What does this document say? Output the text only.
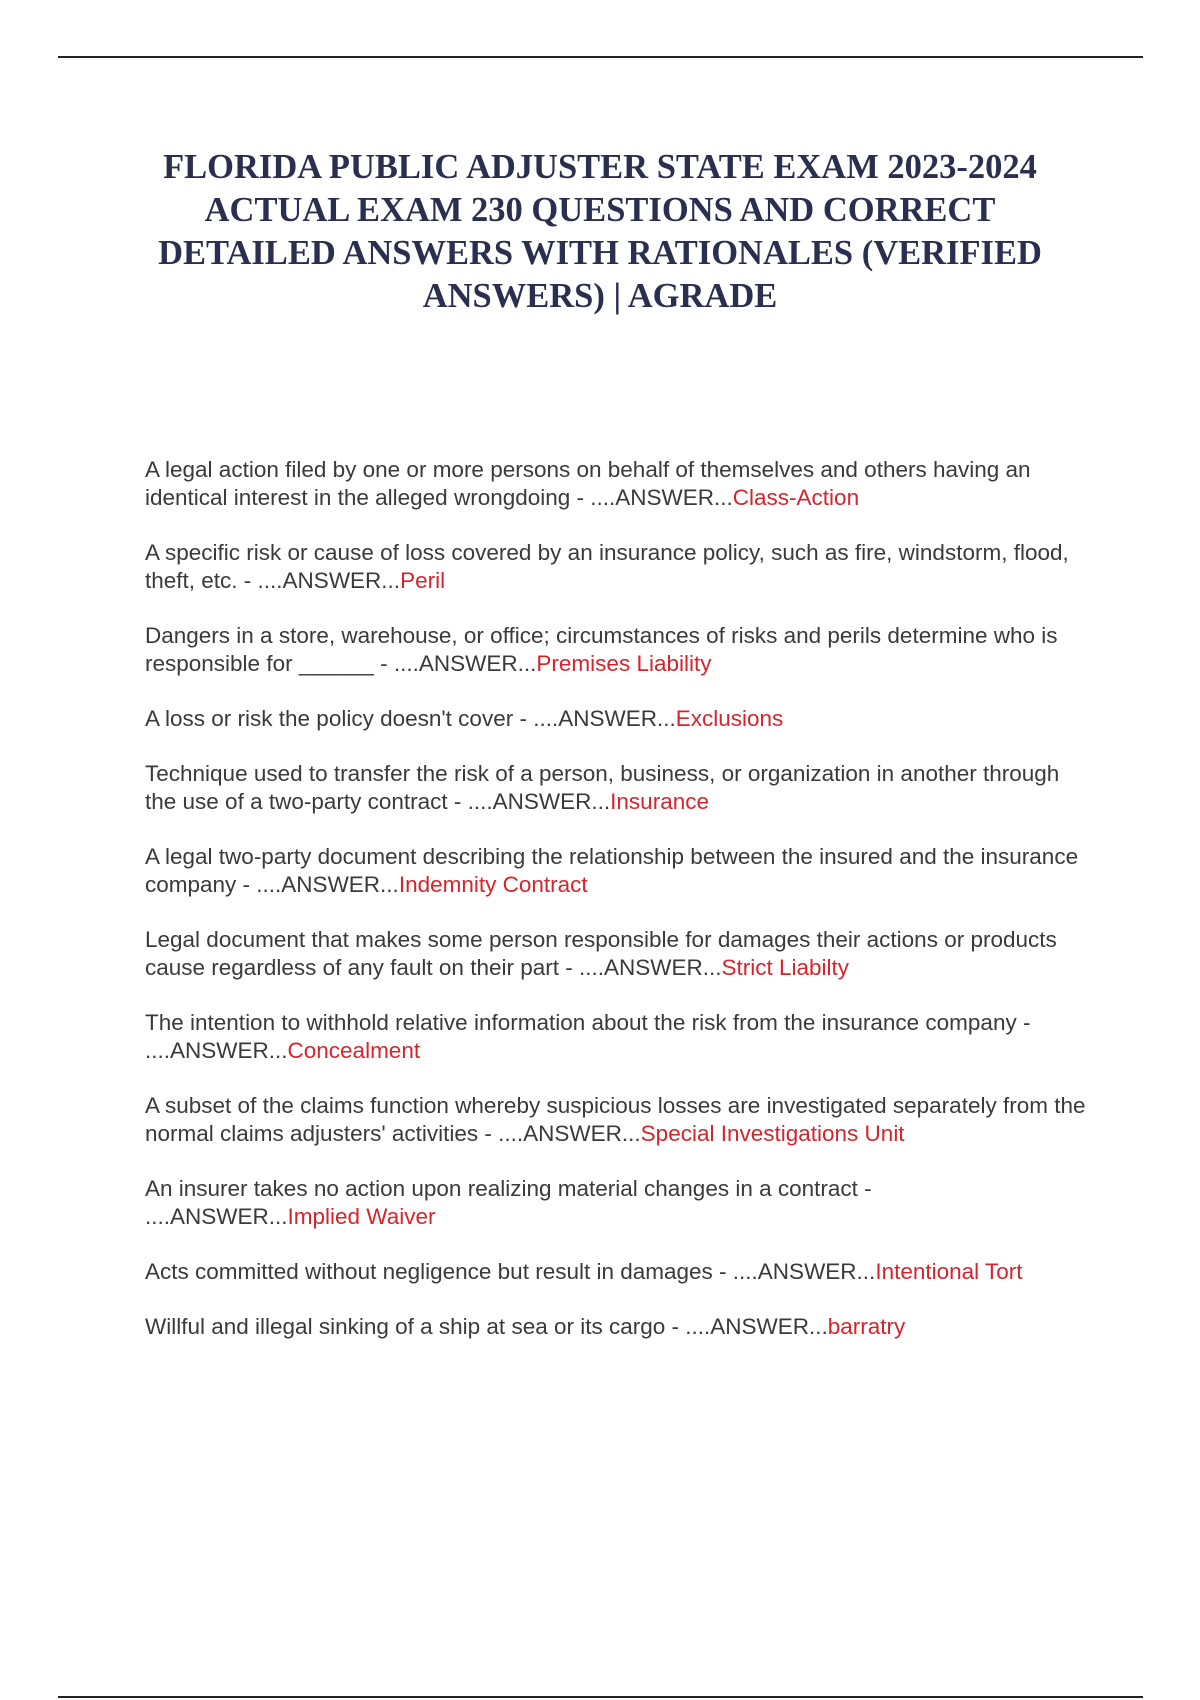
FLORIDA PUBLIC ADJUSTER STATE EXAM 2023-2024 ACTUAL EXAM 230 QUESTIONS AND CORRECT DETAILED ANSWERS WITH RATIONALES (VERIFIED ANSWERS) | AGRADE
A legal action filed by one or more persons on behalf of themselves and others having an identical interest in the alleged wrongdoing - ....ANSWER...Class-Action
A specific risk or cause of loss covered by an insurance policy, such as fire, windstorm, flood, theft, etc. - ....ANSWER...Peril
Dangers in a store, warehouse, or office; circumstances of risks and perils determine who is responsible for ______ - ....ANSWER...Premises Liability
A loss or risk the policy doesn't cover - ....ANSWER...Exclusions
Technique used to transfer the risk of a person, business, or organization in another through the use of a two-party contract - ....ANSWER...Insurance
A legal two-party document describing the relationship between the insured and the insurance company - ....ANSWER...Indemnity Contract
Legal document that makes some person responsible for damages their actions or products cause regardless of any fault on their part - ....ANSWER...Strict Liabilty
The intention to withhold relative information about the risk from the insurance company - ....ANSWER...Concealment
A subset of the claims function whereby suspicious losses are investigated separately from the normal claims adjusters' activities - ....ANSWER...Special Investigations Unit
An insurer takes no action upon realizing material changes in a contract - ....ANSWER...Implied Waiver
Acts committed without negligence but result in damages - ....ANSWER...Intentional Tort
Willful and illegal sinking of a ship at sea or its cargo - ....ANSWER...barratry
